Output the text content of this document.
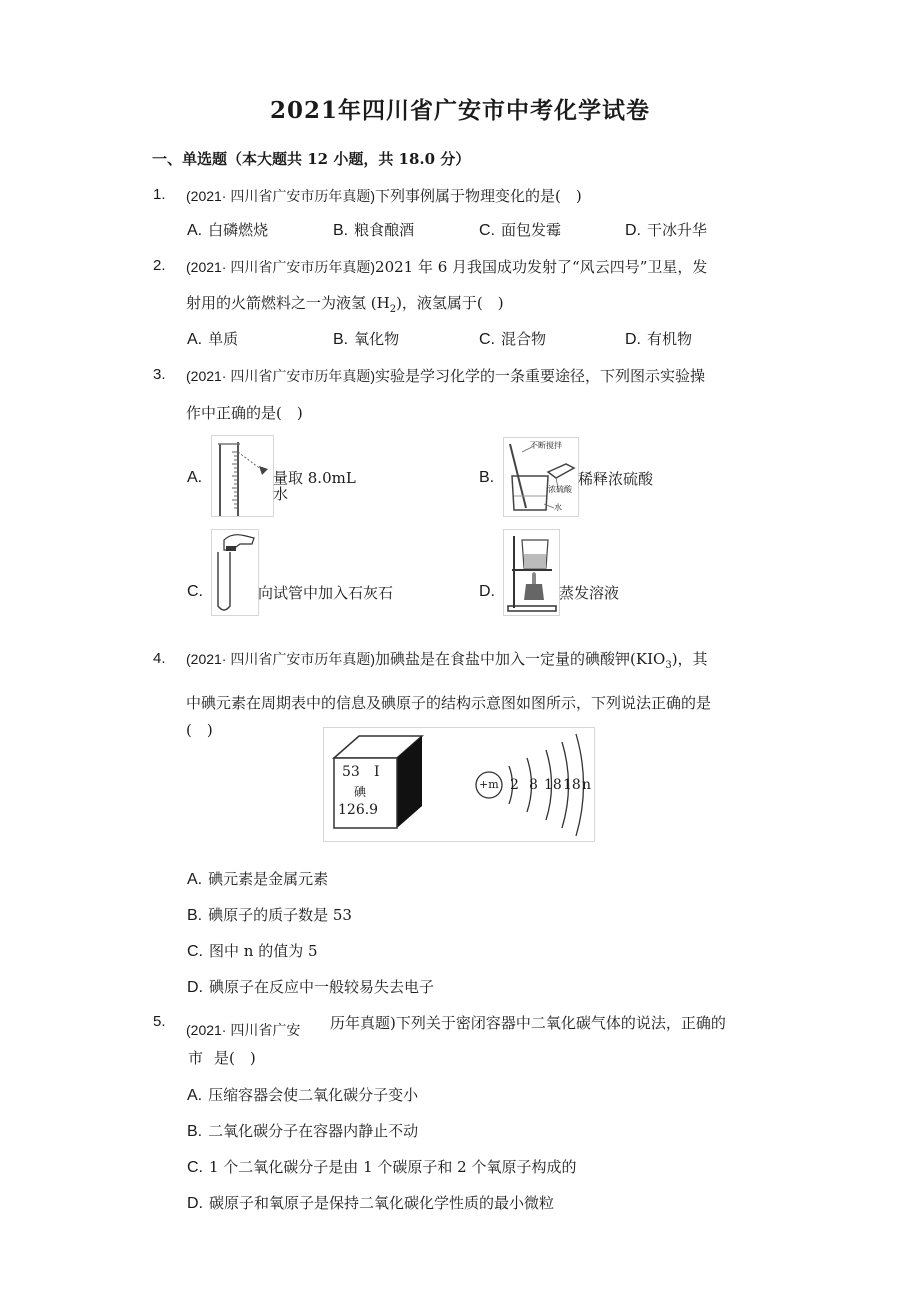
2021年四川省广安市中考化学试卷
一、单选题（本大题共 12 小题，共 18.0 分）
1. (2021· 四川省广安市历年真题)下列事例属于物理变化的是(　)
A. 白磷燃烧	B. 粮食酿酒	C. 面包发霉	D. 干冰升华
2. (2021· 四川省广安市历年真题)2021 年 6 月我国成功发射了“风云四号”卫星，发
射用的火箭燃料之一为液氢 $(H_2)$，液氢属于(　)
A. 单质	B. 氧化物	C. 混合物	D. 有机物
3. (2021· 四川省广安市历年真题)实验是学习化学的一条重要途径，下列图示实验操
作中正确的是(　)
A.	量取 8.0mL
水
B.
不断搅拌
浓硫酸
水
稀释浓硫酸
C.	向试管中加入石灰石	D.	蒸发溶液
4. (2021· 四川省广安市历年真题)加碘盐是在食盐中加入一定量的碘酸钾$(KIO_3)$，其
中碘元素在周期表中的信息及碘原子的结构示意图如图所示，下列说法正确的是
(　)
53 I
碘
126.9
+m 2 8 18 18 n
A. 碘元素是金属元素
B. 碘原子的质子数是 53
C. 图中 n 的值为 5
D. 碘原子在反应中一般较易失去电子
5. (2021· 四川省广安 历年真题)下列关于密闭容器中二氧化碳气体的说法，正确的
市 是(　)
A. 压缩容器会使二氧化碳分子变小
B. 二氧化碳分子在容器内静止不动
C. 1 个二氧化碳分子是由 1 个碳原子和 2 个氧原子构成的
D. 碳原子和氧原子是保持二氧化碳化学性质的最小微粒
